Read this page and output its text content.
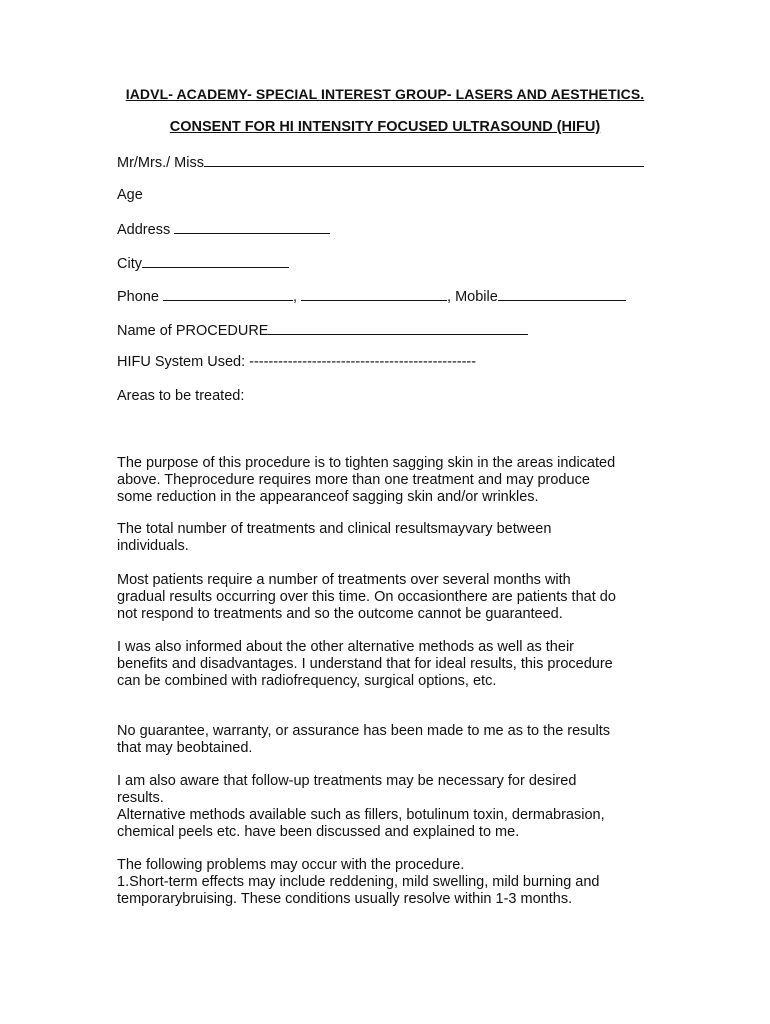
IADVL- ACADEMY- SPECIAL INTEREST GROUP- LASERS AND AESTHETICS.
CONSENT FOR HI INTENSITY FOCUSED ULTRASOUND (HIFU)
Mr/Mrs./ Miss
Age
Address
City
Phone	,	, Mobile
Name of PROCEDURE
HIFU System Used: -----------------------------------------------
Areas to be treated:

The purpose of this procedure is to tighten sagging skin in the areas indicated
above. Theprocedure requires more than one treatment and may produce
some reduction in the appearanceof sagging skin and/or wrinkles.

The total number of treatments and clinical resultsmayvary between
individuals.

Most patients require a number of treatments over several months with
gradual results occurring over this time. On occasionthere are patients that do
not respond to treatments and so the outcome cannot be guaranteed.

I was also informed about the other alternative methods as well as their
benefits and disadvantages. I understand that for ideal results, this procedure
can be combined with radiofrequency, surgical options, etc.

No guarantee, warranty, or assurance has been made to me as to the results
that may beobtained.

I am also aware that follow-up treatments may be necessary for desired
results.
Alternative methods available such as fillers, botulinum toxin, dermabrasion,
chemical peels etc. have been discussed and explained to me.

The following problems may occur with the procedure.
1.Short-term effects may include reddening, mild swelling, mild burning and
temporarybruising. These conditions usually resolve within 1-3 months.
